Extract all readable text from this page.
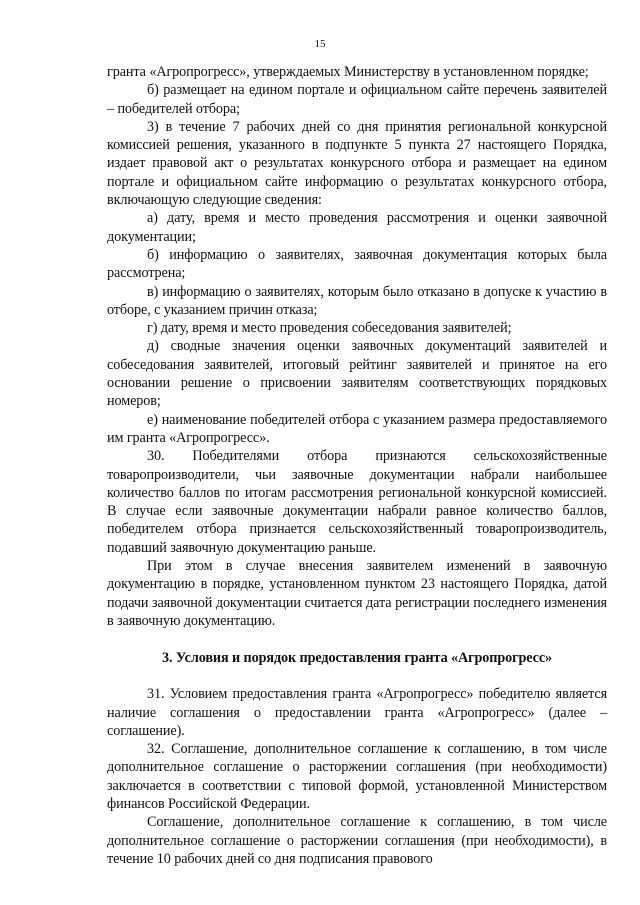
15

гранта «Агропрогресс», утверждаемых Министерству в установленном порядке;

б) размещает на едином портале и официальном сайте перечень заявителей – победителей отбора;

3) в течение 7 рабочих дней со дня принятия региональной конкурсной комиссией решения, указанного в подпункте 5 пункта 27 настоящего Порядка, издает правовой акт о результатах конкурсного отбора и размещает на едином портале и официальном сайте информацию о результатах конкурсного отбора, включающую следующие сведения:

а) дату, время и место проведения рассмотрения и оценки заявочной документации;

б) информацию о заявителях, заявочная документация которых была рассмотрена;

в) информацию о заявителях, которым было отказано в допуске к участию в отборе, с указанием причин отказа;

г) дату, время и место проведения собеседования заявителей;

д) сводные значения оценки заявочных документаций заявителей и собеседования заявителей, итоговый рейтинг заявителей и принятое на его основании решение о присвоении заявителям соответствующих порядковых номеров;

е) наименование победителей отбора с указанием размера предоставляемого им гранта «Агропрогресс».

30. Победителями отбора признаются сельскохозяйственные товаропроизводители, чьи заявочные документации набрали наибольшее количество баллов по итогам рассмотрения региональной конкурсной комиссией. В случае если заявочные документации набрали равное количество баллов, победителем отбора признается сельскохозяйственный товаропроизводитель, подавший заявочную документацию раньше.

При этом в случае внесения заявителем изменений в заявочную документацию в порядке, установленном пунктом 23 настоящего Порядка, датой подачи заявочной документации считается дата регистрации последнего изменения в заявочную документацию.

3. Условия и порядок предоставления гранта «Агропрогресс»

31. Условием предоставления гранта «Агропрогресс» победителю является наличие соглашения о предоставлении гранта «Агропрогресс» (далее – соглашение).

32. Соглашение, дополнительное соглашение к соглашению, в том числе дополнительное соглашение о расторжении соглашения (при необходимости) заключается в соответствии с типовой формой, установленной Министерством финансов Российской Федерации.

Соглашение, дополнительное соглашение к соглашению, в том числе дополнительное соглашение о расторжении соглашения (при необходимости), в течение 10 рабочих дней со дня подписания правового
